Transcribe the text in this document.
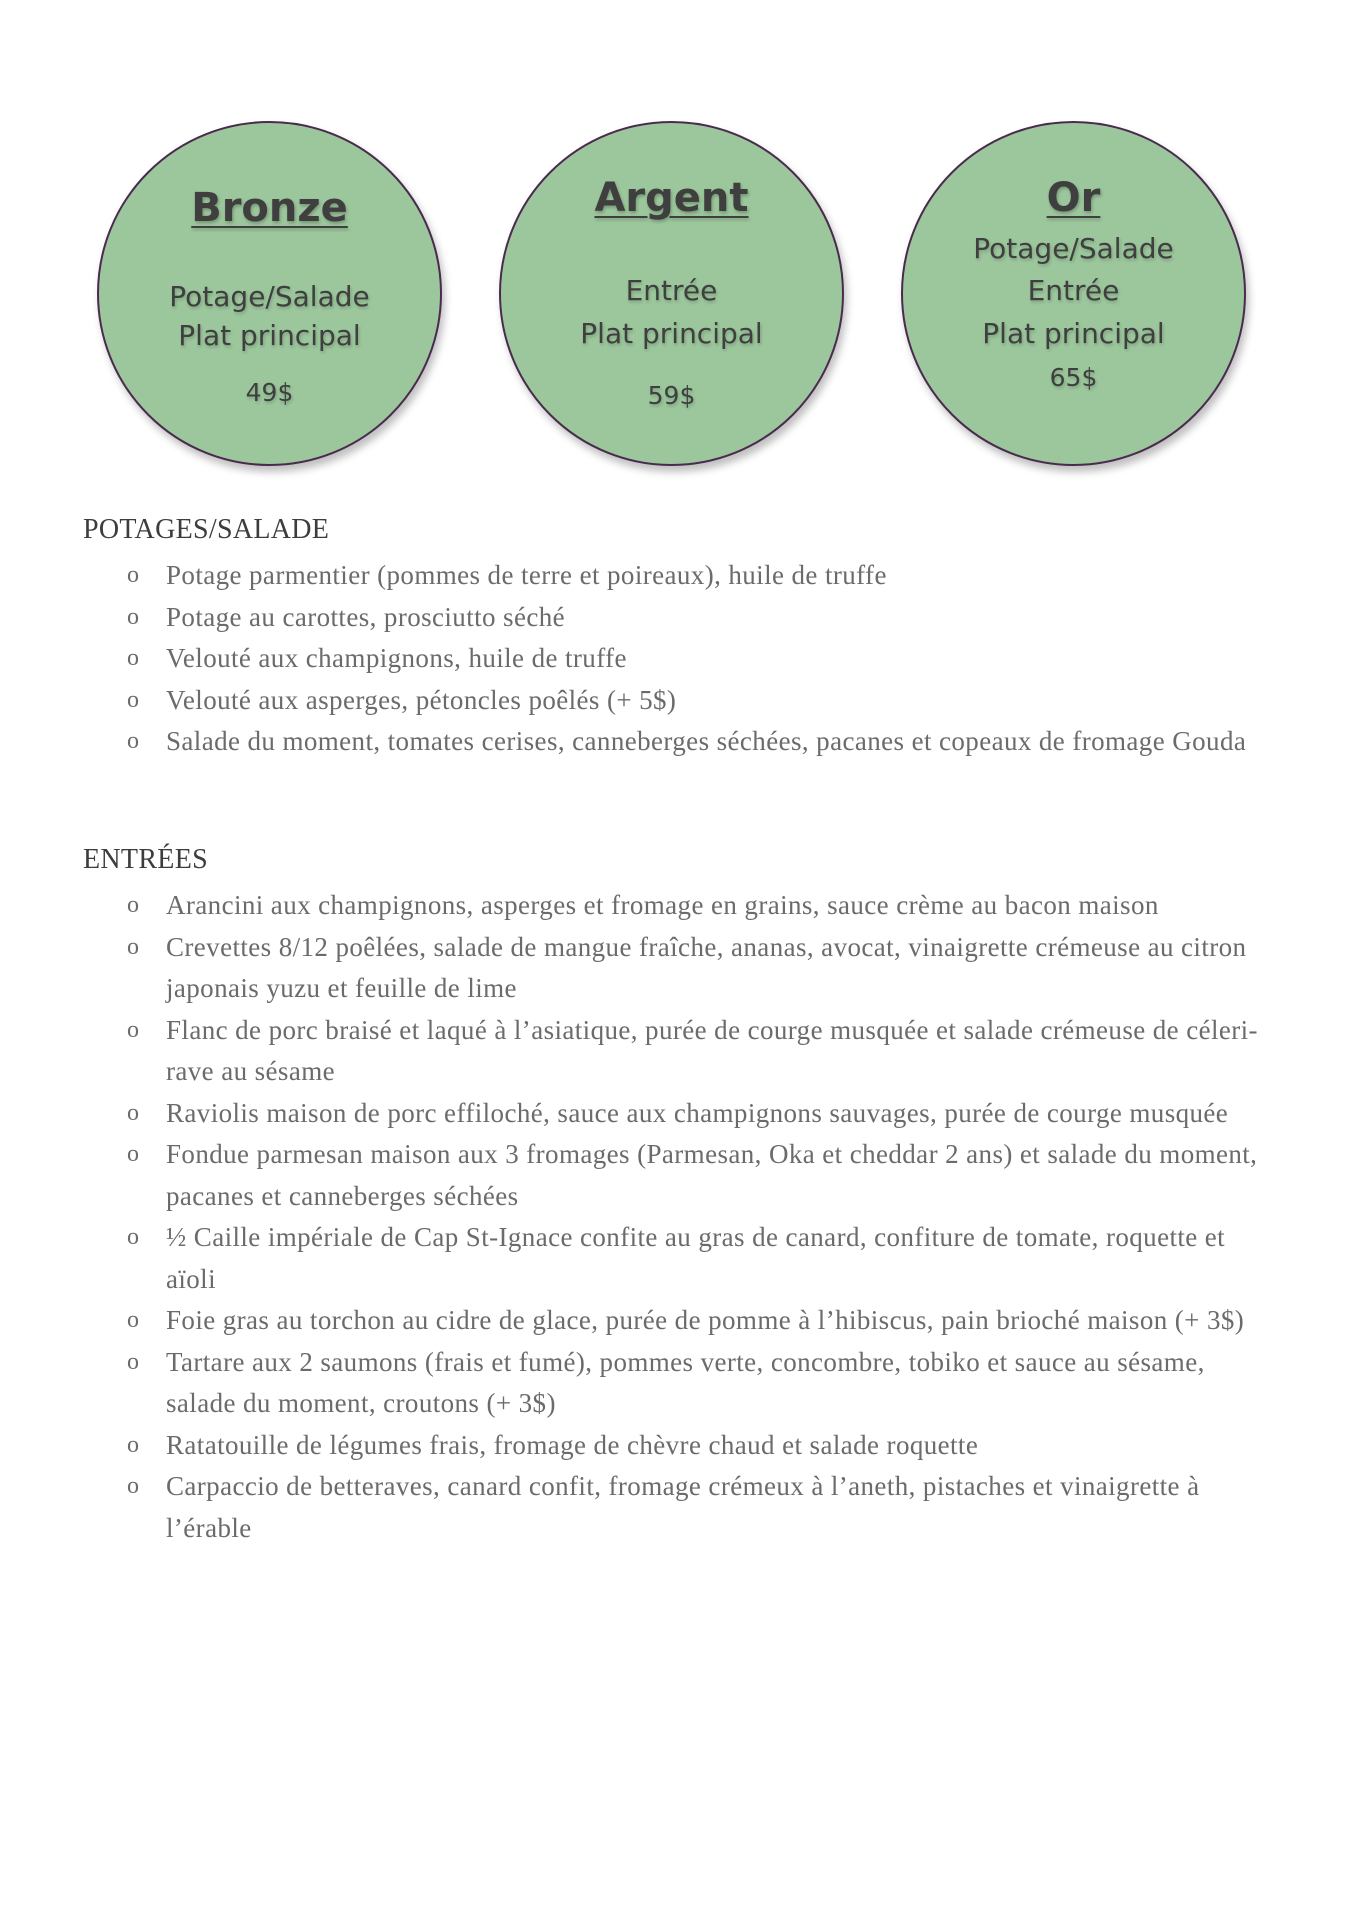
Bronze
Potage/Salade
Plat principal
49$
Argent
Entrée
Plat principal
59$
Or
Potage/Salade
Entrée
Plat principal
65$
POTAGES/SALADE
o Potage parmentier (pommes de terre et poireaux), huile de truffe
o Potage au carottes, prosciutto séché
o Velouté aux champignons, huile de truffe
o Velouté aux asperges, pétoncles poêlés (+ 5$)
o Salade du moment, tomates cerises, canneberges séchées, pacanes et copeaux de fromage Gouda
ENTRÉES
o Arancini aux champignons, asperges et fromage en grains, sauce crème au bacon maison
o Crevettes 8/12 poêlées, salade de mangue fraîche, ananas, avocat, vinaigrette crémeuse au citron japonais yuzu et feuille de lime
o Flanc de porc braisé et laqué à l’asiatique, purée de courge musquée et salade crémeuse de céleri-rave au sésame
o Raviolis maison de porc effiloché, sauce aux champignons sauvages, purée de courge musquée
o Fondue parmesan maison aux 3 fromages (Parmesan, Oka et cheddar 2 ans) et salade du moment, pacanes et canneberges séchées
o ½ Caille impériale de Cap St-Ignace confite au gras de canard, confiture de tomate, roquette et aïoli
o Foie gras au torchon au cidre de glace, purée de pomme à l’hibiscus, pain brioché maison (+ 3$)
o Tartare aux 2 saumons (frais et fumé), pommes verte, concombre, tobiko et sauce au sésame, salade du moment, croutons (+ 3$)
o Ratatouille de légumes frais, fromage de chèvre chaud et salade roquette
o Carpaccio de betteraves, canard confit, fromage crémeux à l’aneth, pistaches et vinaigrette à l’érable
